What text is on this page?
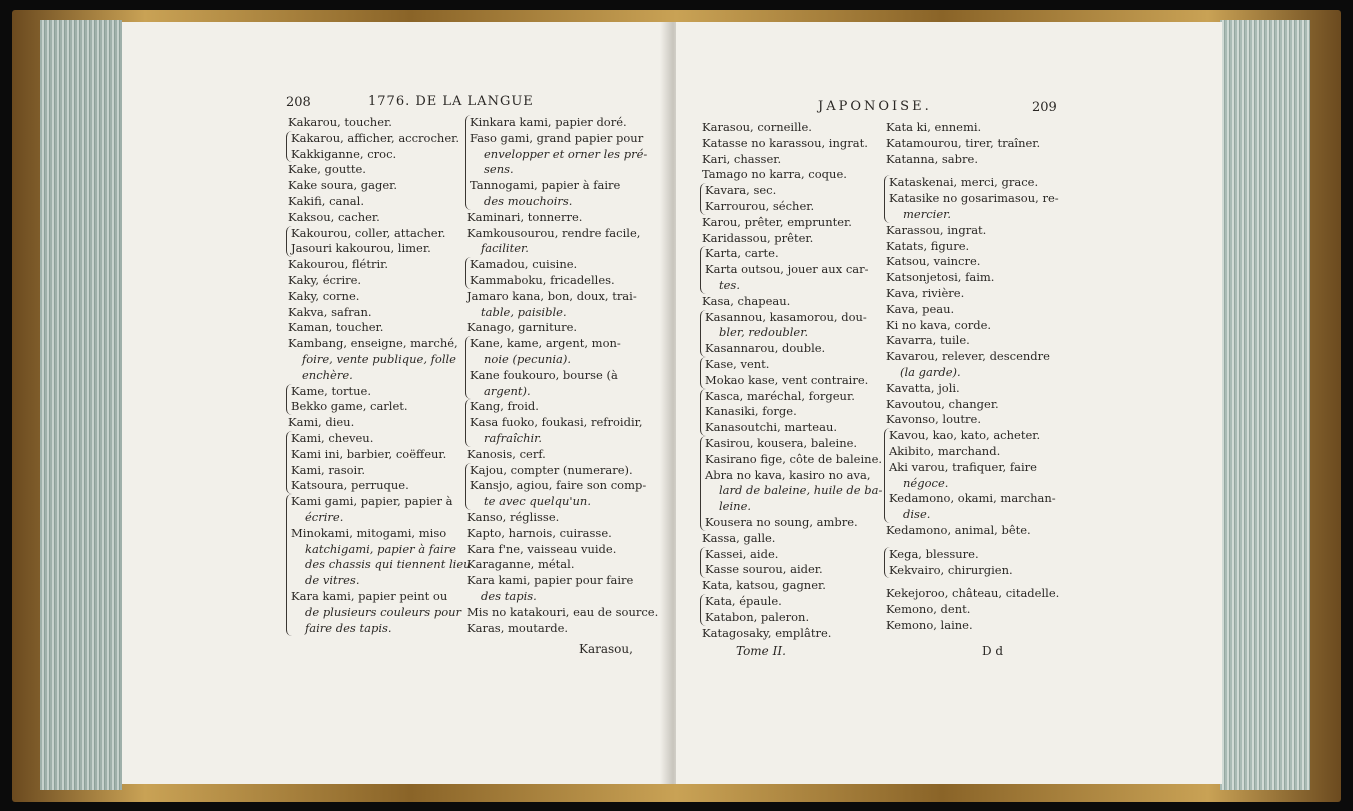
208	1776. DE LA LANGUE
Kakarou, toucher.
Kakarou, afficher, accrocher.
Kakkiganne, croc.
Kake, goutte.
Kake soura, gager.
Kakifi, canal.
Kaksou, cacher.
Kakourou, coller, attacher.
Jasouri kakourou, limer.
Kakourou, flétrir.
Kaky, écrire.
Kaky, corne.
Kakva, safran.
Kaman, toucher.
Kambang, enseigne, marché,
foire, vente publique, folle
enchère.
Kame, tortue.
Bekko game, carlet.
Kami, dieu.
Kami, cheveu.
Kami ini, barbier, coëffeur.
Kami, rasoir.
Katsoura, perruque.
Kami gami, papier, papier à
écrire.
Minokami, mitogami, miso
katchigami, papier à faire
des chassis qui tiennent lieu
de vitres.
Kara kami, papier peint ou
de plusieurs couleurs pour
faire des tapis.
Kinkara kami, papier doré.
Faso gami, grand papier pour
envelopper et orner les pré-
sens.
Tannogami, papier à faire
des mouchoirs.
Kaminari, tonnerre.
Kamkousourou, rendre facile,
faciliter.
Kamadou, cuisine.
Kammaboku, fricadelles.
Jamaro kana, bon, doux, trai-
table, paisible.
Kanago, garniture.
Kane, kame, argent, mon-
noie (pecunia).
Kane foukouro, bourse (à
argent).
Kang, froid.
Kasa fuoko, foukasi, refroidir,
rafraîchir.
Kanosis, cerf.
Kajou, compter (numerare).
Kansjo, agiou, faire son comp-
te avec quelqu'un.
Kanso, réglisse.
Kapto, harnois, cuirasse.
Kara f'ne, vaisseau vuide.
Karaganne, métal.
Kara kami, papier pour faire
des tapis.
Mis no katakouri, eau de source.
Karas, moutarde.
Karasou,
JAPONOISE.	209
Karasou, corneille.
Katasse no karassou, ingrat.
Kari, chasser.
Tamago no karra, coque.
Kavara, sec.
Karrourou, sécher.
Karou, prêter, emprunter.
Karidassou, prêter.
Karta, carte.
Karta outsou, jouer aux car-
tes.
Kasa, chapeau.
Kasannou, kasamorou, dou-
bler, redoubler.
Kasannarou, double.
Kase, vent.
Mokao kase, vent contraire.
Kasca, maréchal, forgeur.
Kanasiki, forge.
Kanasoutchi, marteau.
Kasirou, kousera, baleine.
Kasirano fige, côte de baleine.
Abra no kava, kasiro no ava,
lard de baleine, huile de ba-
leine.
Kousera no soung, ambre.
Kassa, galle.
Kassei, aide.
Kasse sourou, aider.
Kata, katsou, gagner.
Kata, épaule.
Katabon, paleron.
Katagosaky, emplâtre.
Kata ki, ennemi.
Katamourou, tirer, traîner.
Katanna, sabre.
Kataskenai, merci, grace.
Katasike no gosarimasou, re-
mercier.
Karassou, ingrat.
Katats, figure.
Katsou, vaincre.
Katsonjetosi, faim.
Kava, rivière.
Kava, peau.
Ki no kava, corde.
Kavarra, tuile.
Kavarou, relever, descendre
(la garde).
Kavatta, joli.
Kavoutou, changer.
Kavonso, loutre.
Kavou, kao, kato, acheter.
Akibito, marchand.
Aki varou, trafiquer, faire
négoce.
Kedamono, okami, marchan-
dise.
Kedamono, animal, bête.
Kega, blessure.
Kekvairo, chirurgien.
Kekejoroo, château, citadelle.
Kemono, dent.
Kemono, laine.
Tome II.	D d
